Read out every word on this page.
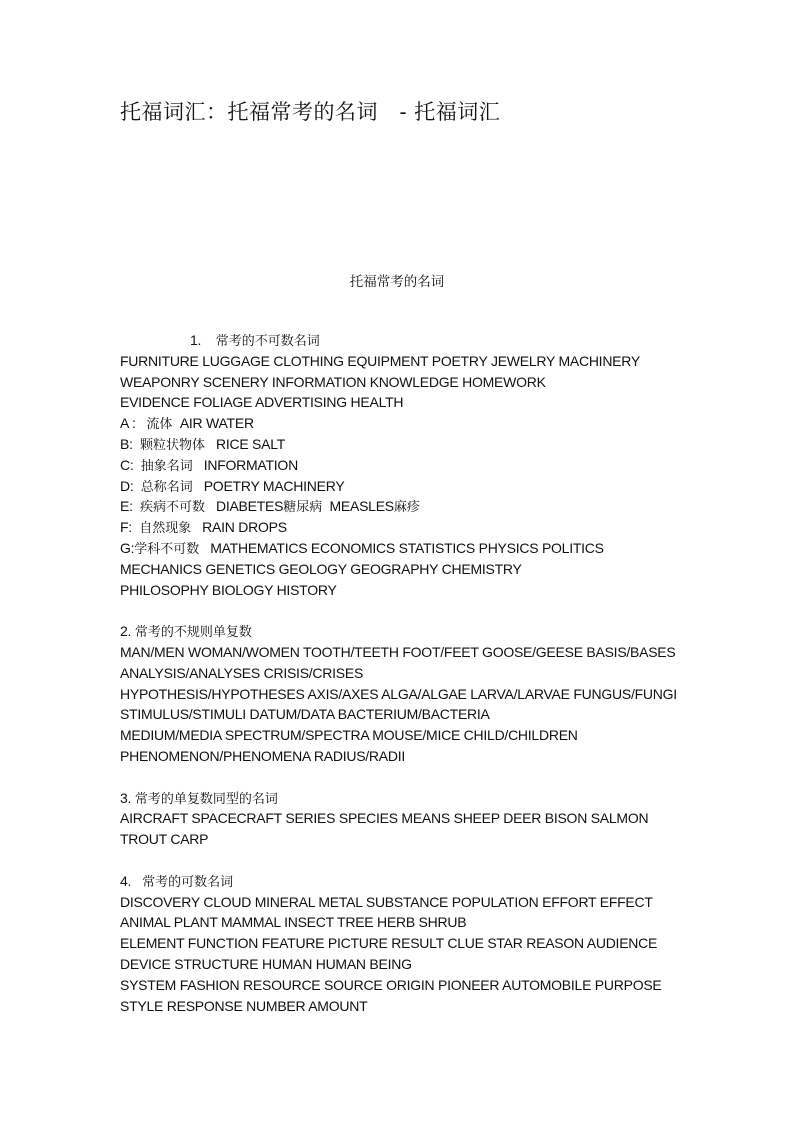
托福词汇：托福常考的名词   - 托福词汇
托福常考的名词
1. 常考的不可数名词
FURNITURE LUGGAGE CLOTHING EQUIPMENT POETRY JEWELRY MACHINERY
WEAPONRY SCENERY INFORMATION KNOWLEDGE HOMEWORK
EVIDENCE FOLIAGE ADVERTISING HEALTH
A : 流体 AIR WATER
B: 颗粒状物体 RICE SALT
C: 抽象名词 INFORMATION
D: 总称名词 POETRY MACHINERY
E: 疾病不可数 DIABETES糖尿病 MEASLES麻疹
F: 自然现象 RAIN DROPS
G:学科不可数 MATHEMATICS ECONOMICS STATISTICS PHYSICS POLITICS
MECHANICS GENETICS GEOLOGY GEOGRAPHY CHEMISTRY
PHILOSOPHY BIOLOGY HISTORY
2. 常考的不规则单复数
MAN/MEN WOMAN/WOMEN TOOTH/TEETH FOOT/FEET GOOSE/GEESE BASIS/BASES
ANALYSIS/ANALYSES CRISIS/CRISES
HYPOTHESIS/HYPOTHESES AXIS/AXES ALGA/ALGAE LARVA/LARVAE FUNGUS/FUNGI
STIMULUS/STIMULI DATUM/DATA BACTERIUM/BACTERIA
MEDIUM/MEDIA SPECTRUM/SPECTRA MOUSE/MICE CHILD/CHILDREN
PHENOMENON/PHENOMENA RADIUS/RADII
3. 常考的单复数同型的名词
AIRCRAFT SPACECRAFT SERIES SPECIES MEANS SHEEP DEER BISON SALMON
TROUT CARP
4. 常考的可数名词
DISCOVERY CLOUD MINERAL METAL SUBSTANCE POPULATION EFFORT EFFECT
ANIMAL PLANT MAMMAL INSECT TREE HERB SHRUB
ELEMENT FUNCTION FEATURE PICTURE RESULT CLUE STAR REASON AUDIENCE
DEVICE STRUCTURE HUMAN HUMAN BEING
SYSTEM FASHION RESOURCE SOURCE ORIGIN PIONEER AUTOMOBILE PURPOSE
STYLE RESPONSE NUMBER AMOUNT
